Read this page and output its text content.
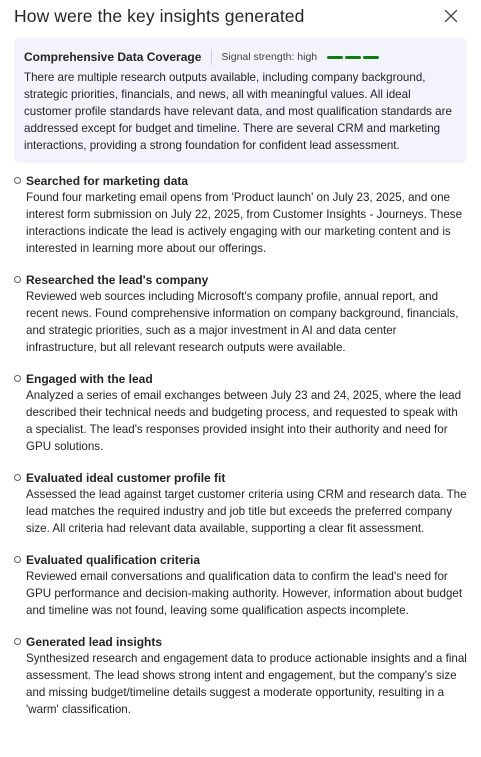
How were the key insights generated
Comprehensive Data Coverage Signal strength: high
There are multiple research outputs available, including company background, strategic priorities, financials, and news, all with meaningful values. All ideal customer profile standards have relevant data, and most qualification standards are addressed except for budget and timeline. There are several CRM and marketing interactions, providing a strong foundation for confident lead assessment.
Searched for marketing data
Found four marketing email opens from 'Product launch' on July 23, 2025, and one interest form submission on July 22, 2025, from Customer Insights - Journeys. These interactions indicate the lead is actively engaging with our marketing content and is interested in learning more about our offerings.
Researched the lead's company
Reviewed web sources including Microsoft's company profile, annual report, and recent news. Found comprehensive information on company background, financials, and strategic priorities, such as a major investment in AI and data center infrastructure, but all relevant research outputs were available.
Engaged with the lead
Analyzed a series of email exchanges between July 23 and 24, 2025, where the lead described their technical needs and budgeting process, and requested to speak with a specialist. The lead's responses provided insight into their authority and need for GPU solutions.
Evaluated ideal customer profile fit
Assessed the lead against target customer criteria using CRM and research data. The lead matches the required industry and job title but exceeds the preferred company size. All criteria had relevant data available, supporting a clear fit assessment.
Evaluated qualification criteria
Reviewed email conversations and qualification data to confirm the lead's need for GPU performance and decision-making authority. However, information about budget and timeline was not found, leaving some qualification aspects incomplete.
Generated lead insights
Synthesized research and engagement data to produce actionable insights and a final assessment. The lead shows strong intent and engagement, but the company's size and missing budget/timeline details suggest a moderate opportunity, resulting in a 'warm' classification.
